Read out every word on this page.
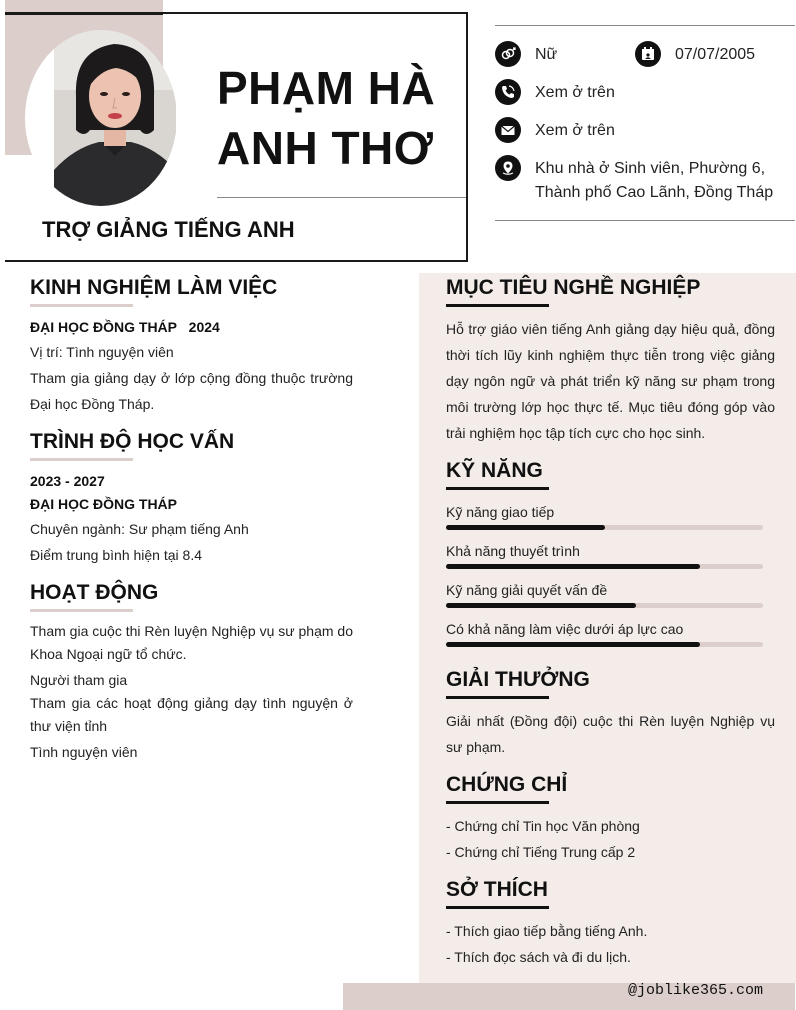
PHẠM HÀ
ANH THƠ
TRỢ GIẢNG TIẾNG ANH
Nữ	07/07/2005
Xem ở trên
Xem ở trên
Khu nhà ở Sinh viên, Phường 6,
Thành phố Cao Lãnh, Đồng Tháp
KINH NGHIỆM LÀM VIỆC
ĐẠI HỌC ĐỒNG THÁP 2024
Vị trí: Tình nguyện viên
Tham gia giảng dạy ở lớp cộng đồng thuộc trường Đại học Đồng Tháp.
TRÌNH ĐỘ HỌC VẤN
2023 - 2027
ĐẠI HỌC ĐỒNG THÁP
Chuyên ngành: Sư phạm tiếng Anh
Điểm trung bình hiện tại 8.4
HOẠT ĐỘNG
Tham gia cuộc thi Rèn luyện Nghiệp vụ sư phạm do Khoa Ngoại ngữ tổ chức.
Người tham gia
Tham gia các hoạt động giảng dạy tình nguyện ở thư viện tỉnh
Tình nguyện viên
MỤC TIÊU NGHỀ NGHIỆP
Hỗ trợ giáo viên tiếng Anh giảng dạy hiệu quả, đồng thời tích lũy kinh nghiệm thực tiễn trong việc giảng dạy ngôn ngữ và phát triển kỹ năng sư phạm trong môi trường lớp học thực tế. Mục tiêu đóng góp vào trải nghiệm học tập tích cực cho học sinh.
KỸ NĂNG
Kỹ năng giao tiếp
Khả năng thuyết trình
Kỹ năng giải quyết vấn đề
Có khả năng làm việc dưới áp lực cao
GIẢI THƯỞNG
Giải nhất (Đồng đội) cuộc thi Rèn luyện Nghiệp vụ sư phạm.
CHỨNG CHỈ
- Chứng chỉ Tin học Văn phòng
- Chứng chỉ Tiếng Trung cấp 2
SỞ THÍCH
- Thích giao tiếp bằng tiếng Anh.
- Thích đọc sách và đi du lịch.
@joblike365.com
